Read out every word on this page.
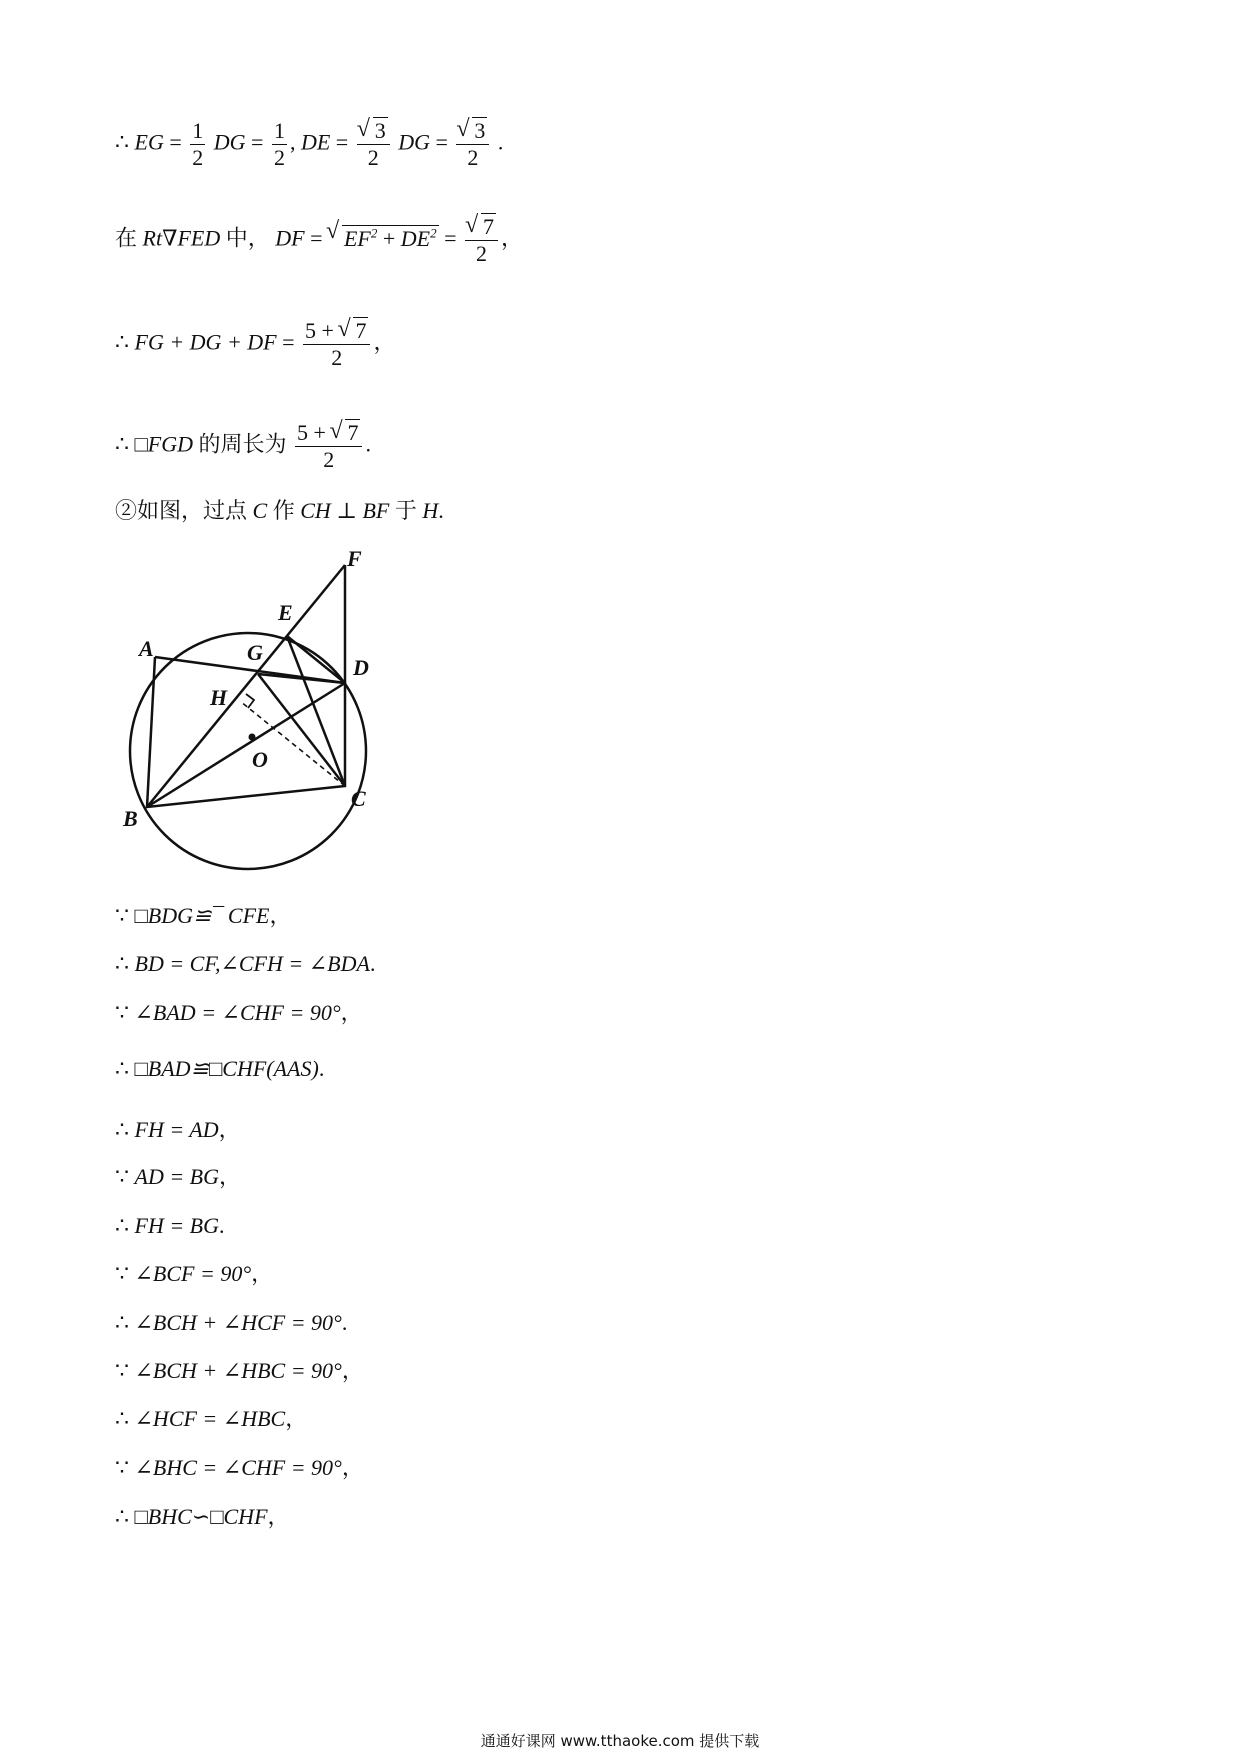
∴ EG = $\frac{1}{2}$ DG = $\frac{1}{2}$ , DE = √ $\frac{3}{2}$ DG = √ $\frac{3}{2}$ .
在 Rt∇FED 中， DF = √ $EF^2 + DE^2$ = √ $\frac{7}{2}$ ，
∴ FG + DG + DF = $\frac{5 + √ 7}{2}$ ，
∴ □FGD 的周长为 $\frac{5 + √ 7}{2}$ .
②如图，过点 C 作 CH ⊥ BF 于 H.
A
B
C
D
E
F
G
H
O
∵ □BDG≌¯ CFE，
∴ BD = CF,∠CFH = ∠BDA.
∵ ∠BAD = ∠CHF = 90°，
∴ □BAD≌□CHF(AAS).
∴ FH = AD，
∵ AD = BG，
∴ FH = BG.
∵ ∠BCF = 90°，
∴ ∠BCH + ∠HCF = 90°.
∵ ∠BCH + ∠HBC = 90°，
∴ ∠HCF = ∠HBC，
∵ ∠BHC = ∠CHF = 90°，
∴ □BHC∽□CHF，
通通好课网 www.tthaoke.com 提供下载
